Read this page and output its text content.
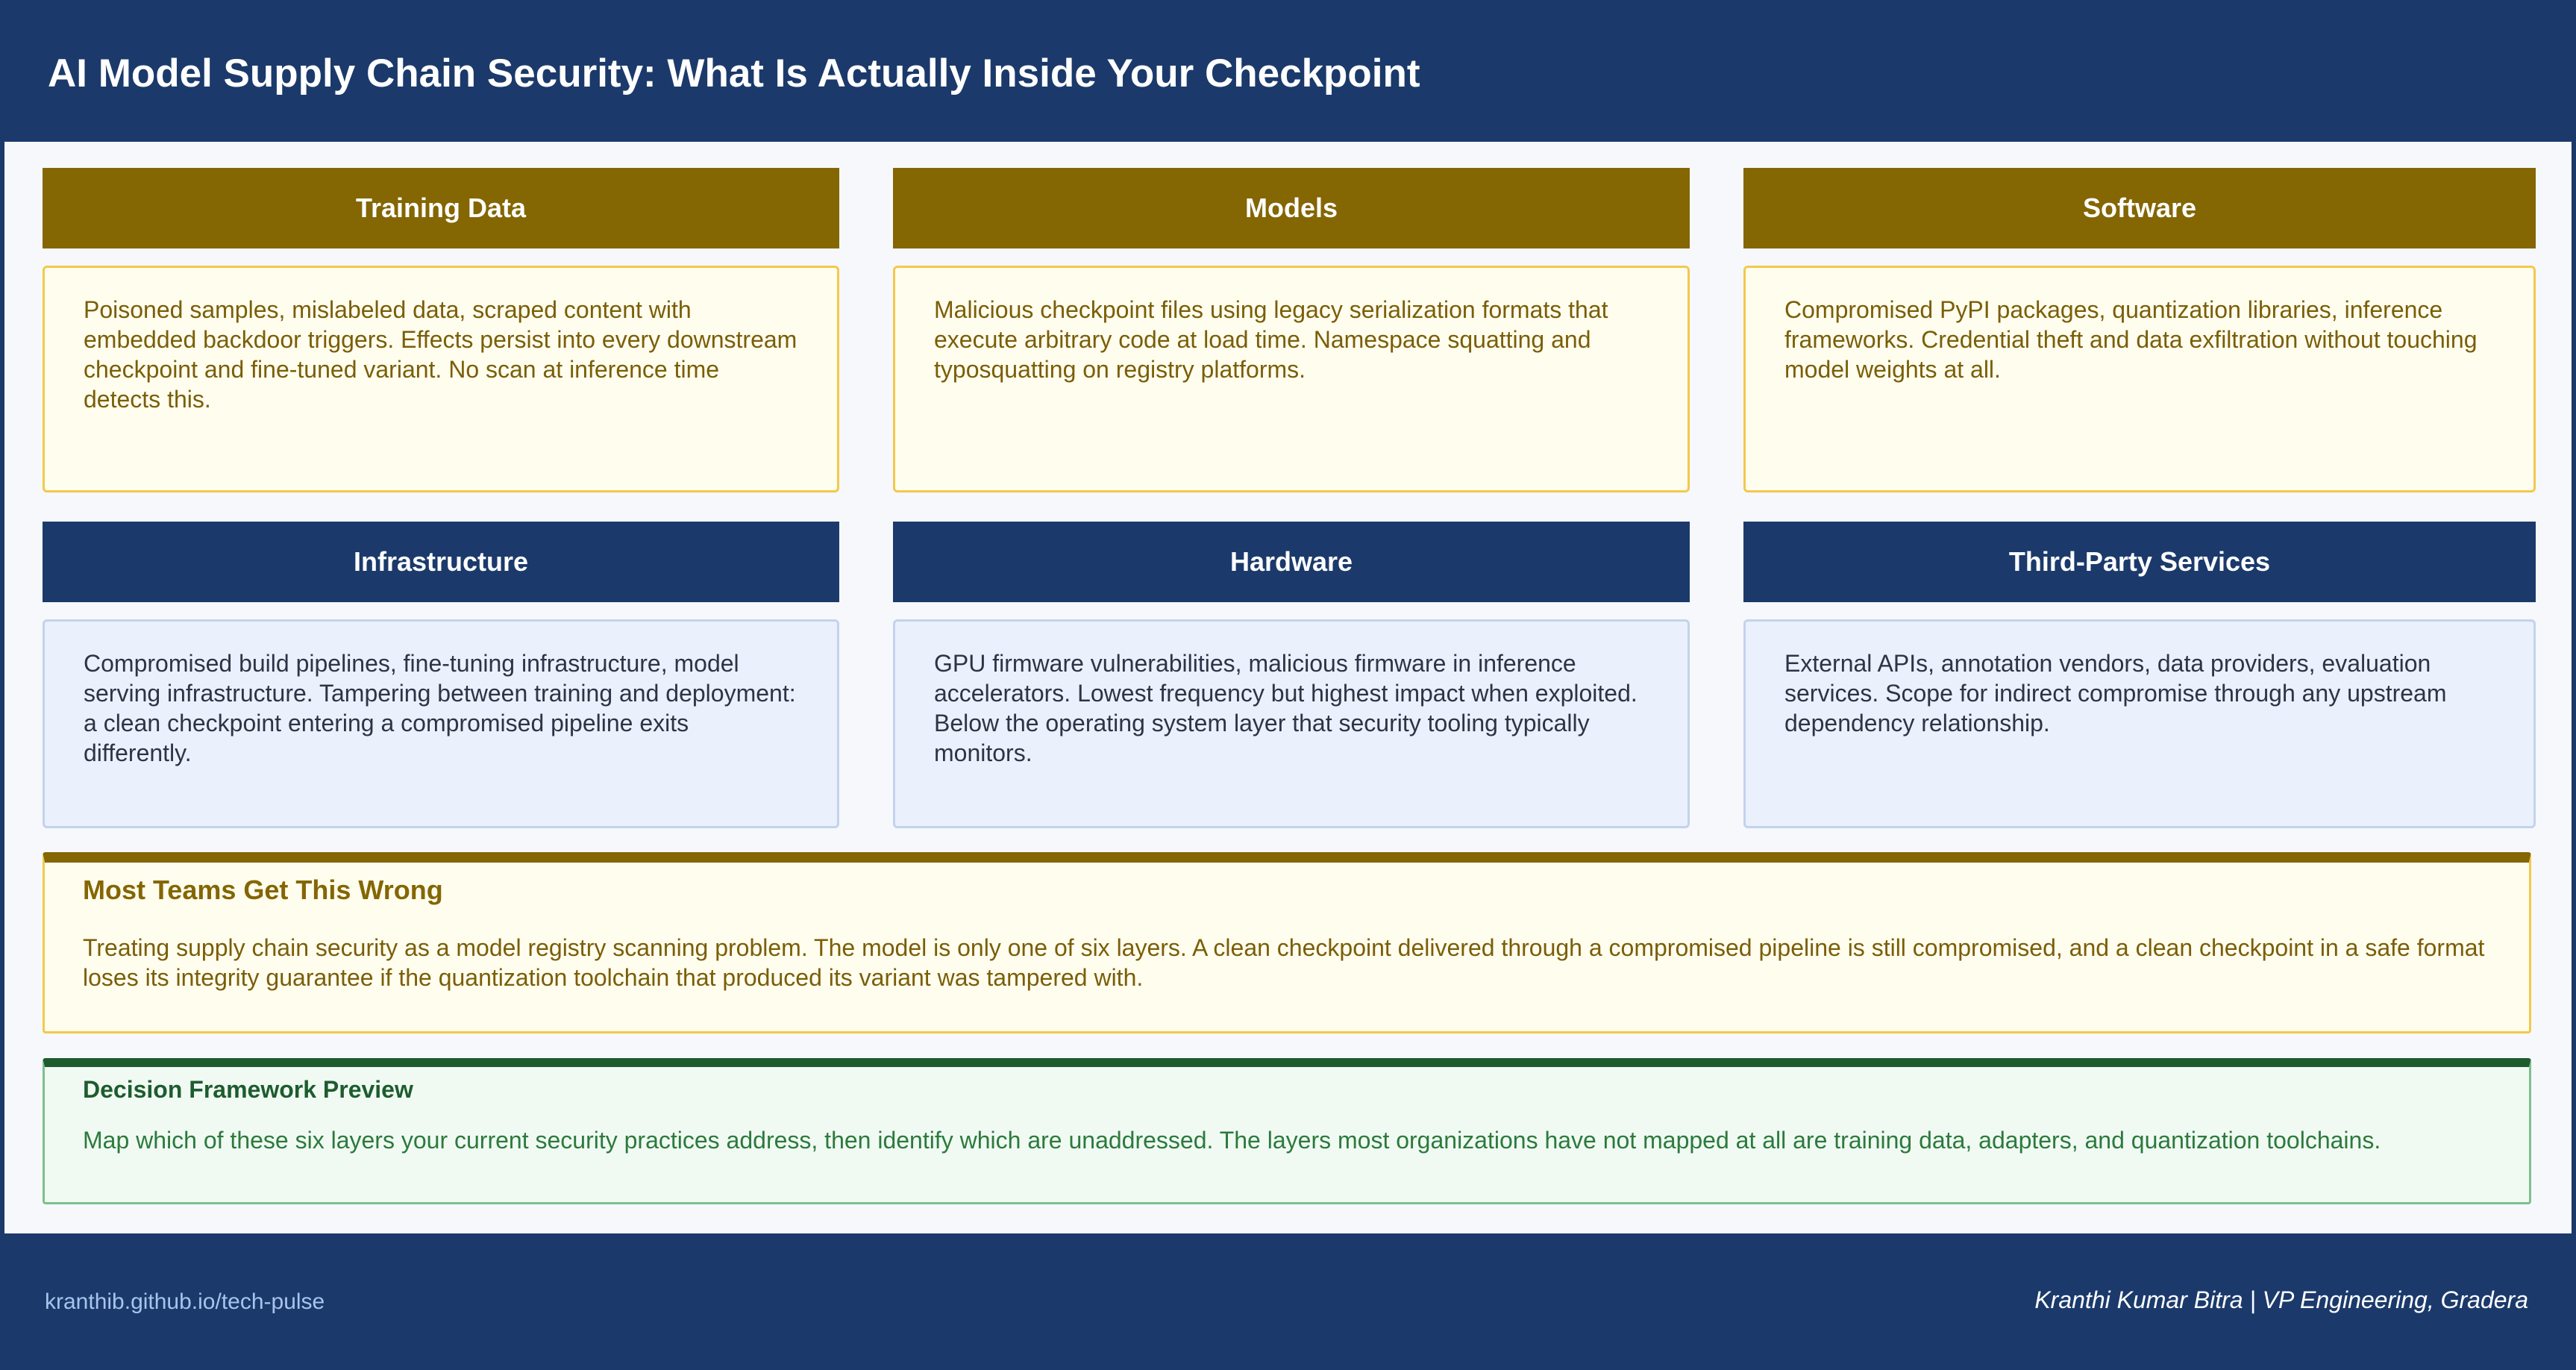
AI Model Supply Chain Security: What Is Actually Inside Your Checkpoint
Training Data	Models	Software
Poisoned samples, mislabeled data, scraped content with embedded backdoor triggers. Effects persist into every downstream checkpoint and fine-tuned variant. No scan at inference time detects this.
Malicious checkpoint files using legacy serialization formats that execute arbitrary code at load time. Namespace squatting and typosquatting on registry platforms.
Compromised PyPI packages, quantization libraries, inference frameworks. Credential theft and data exfiltration without touching model weights at all.
Infrastructure	Hardware	Third-Party Services
Compromised build pipelines, fine-tuning infrastructure, model serving infrastructure. Tampering between training and deployment: a clean checkpoint entering a compromised pipeline exits differently.
GPU firmware vulnerabilities, malicious firmware in inference accelerators. Lowest frequency but highest impact when exploited. Below the operating system layer that security tooling typically monitors.
External APIs, annotation vendors, data providers, evaluation services. Scope for indirect compromise through any upstream dependency relationship.
Most Teams Get This Wrong
Treating supply chain security as a model registry scanning problem. The model is only one of six layers. A clean checkpoint delivered through a compromised pipeline is still compromised, and a clean checkpoint in a safe format loses its integrity guarantee if the quantization toolchain that produced its variant was tampered with.
Decision Framework Preview
Map which of these six layers your current security practices address, then identify which are unaddressed. The layers most organizations have not mapped at all are training data, adapters, and quantization toolchains.
kranthib.github.io/tech-pulse	Kranthi Kumar Bitra | VP Engineering, Gradera
